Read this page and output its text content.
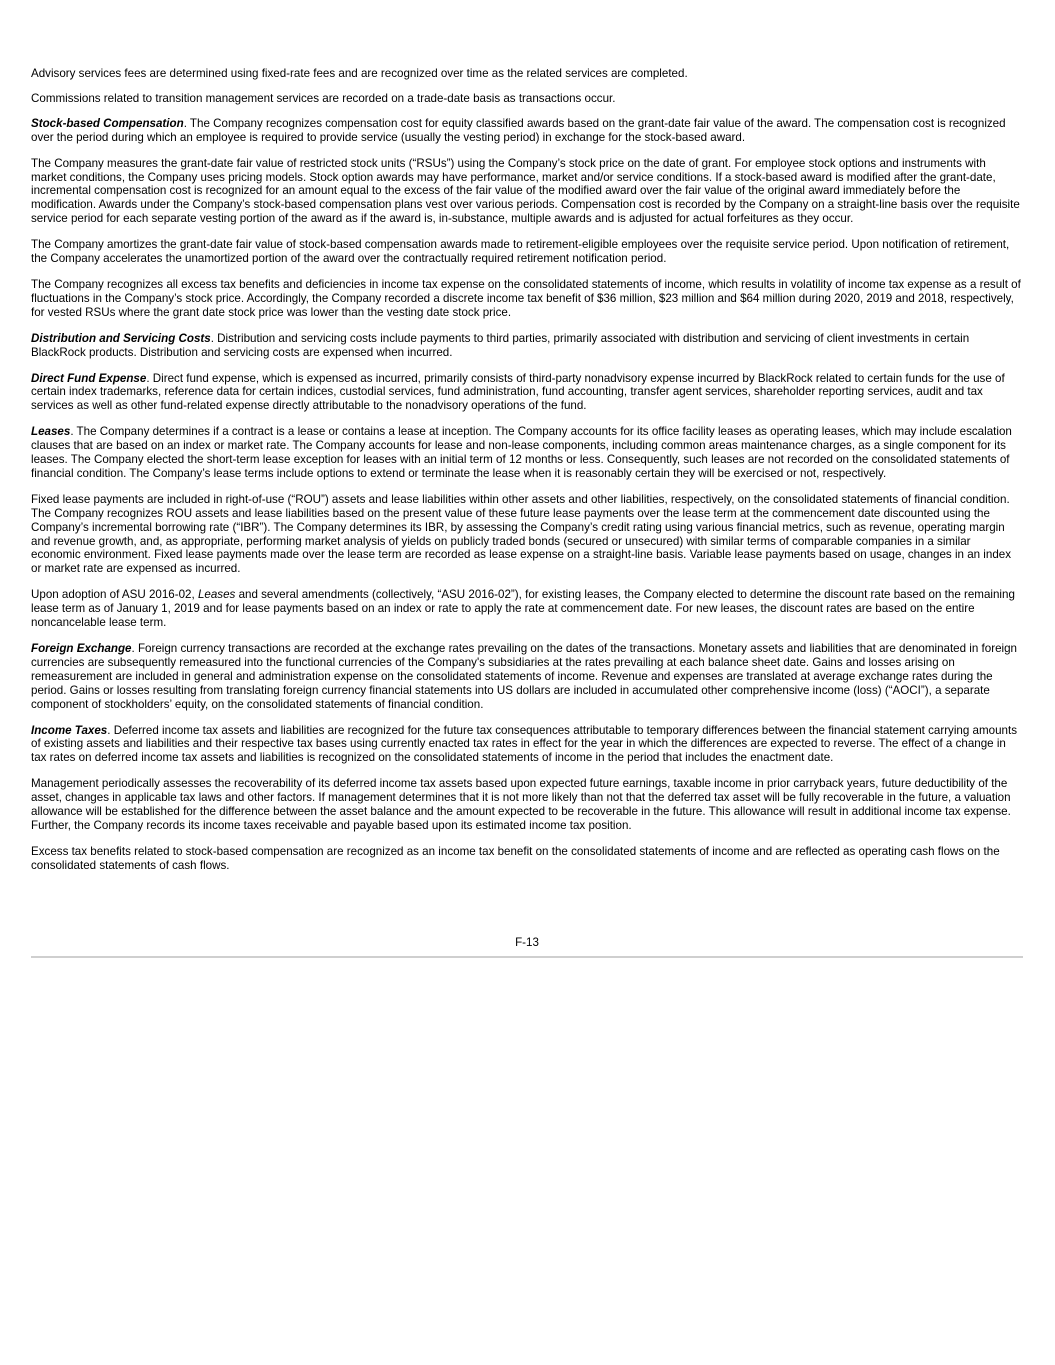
Advisory services fees are determined using fixed-rate fees and are recognized over time as the related services are completed.

Commissions related to transition management services are recorded on a trade-date basis as transactions occur.

Stock-based Compensation. The Company recognizes compensation cost for equity classified awards based on the grant-date fair value of the award. The compensation cost is recognized over the period during which an employee is required to provide service (usually the vesting period) in exchange for the stock-based award.

The Company measures the grant-date fair value of restricted stock units (“RSUs”) using the Company’s stock price on the date of grant. For employee stock options and instruments with market conditions, the Company uses pricing models. Stock option awards may have performance, market and/or service conditions. If a stock-based award is modified after the grant-date, incremental compensation cost is recognized for an amount equal to the excess of the fair value of the modified award over the fair value of the original award immediately before the modification. Awards under the Company’s stock-based compensation plans vest over various periods. Compensation cost is recorded by the Company on a straight-line basis over the requisite service period for each separate vesting portion of the award as if the award is, in-substance, multiple awards and is adjusted for actual forfeitures as they occur.

The Company amortizes the grant-date fair value of stock-based compensation awards made to retirement-eligible employees over the requisite service period. Upon notification of retirement, the Company accelerates the unamortized portion of the award over the contractually required retirement notification period.

The Company recognizes all excess tax benefits and deficiencies in income tax expense on the consolidated statements of income, which results in volatility of income tax expense as a result of fluctuations in the Company’s stock price. Accordingly, the Company recorded a discrete income tax benefit of $36 million, $23 million and $64 million during 2020, 2019 and 2018, respectively, for vested RSUs where the grant date stock price was lower than the vesting date stock price.

Distribution and Servicing Costs. Distribution and servicing costs include payments to third parties, primarily associated with distribution and servicing of client investments in certain BlackRock products. Distribution and servicing costs are expensed when incurred.

Direct Fund Expense. Direct fund expense, which is expensed as incurred, primarily consists of third-party nonadvisory expense incurred by BlackRock related to certain funds for the use of certain index trademarks, reference data for certain indices, custodial services, fund administration, fund accounting, transfer agent services, shareholder reporting services, audit and tax services as well as other fund-related expense directly attributable to the nonadvisory operations of the fund.

Leases. The Company determines if a contract is a lease or contains a lease at inception. The Company accounts for its office facility leases as operating leases, which may include escalation clauses that are based on an index or market rate. The Company accounts for lease and non-lease components, including common areas maintenance charges, as a single component for its leases. The Company elected the short-term lease exception for leases with an initial term of 12 months or less. Consequently, such leases are not recorded on the consolidated statements of financial condition. The Company’s lease terms include options to extend or terminate the lease when it is reasonably certain they will be exercised or not, respectively.

Fixed lease payments are included in right-of-use (“ROU”) assets and lease liabilities within other assets and other liabilities, respectively, on the consolidated statements of financial condition. The Company recognizes ROU assets and lease liabilities based on the present value of these future lease payments over the lease term at the commencement date discounted using the Company’s incremental borrowing rate (“IBR”). The Company determines its IBR, by assessing the Company’s credit rating using various financial metrics, such as revenue, operating margin and revenue growth, and, as appropriate, performing market analysis of yields on publicly traded bonds (secured or unsecured) with similar terms of comparable companies in a similar economic environment. Fixed lease payments made over the lease term are recorded as lease expense on a straight-line basis. Variable lease payments based on usage, changes in an index or market rate are expensed as incurred.

Upon adoption of ASU 2016-02, Leases and several amendments (collectively, “ASU 2016-02”), for existing leases, the Company elected to determine the discount rate based on the remaining lease term as of January 1, 2019 and for lease payments based on an index or rate to apply the rate at commencement date. For new leases, the discount rates are based on the entire noncancelable lease term.

Foreign Exchange. Foreign currency transactions are recorded at the exchange rates prevailing on the dates of the transactions. Monetary assets and liabilities that are denominated in foreign currencies are subsequently remeasured into the functional currencies of the Company's subsidiaries at the rates prevailing at each balance sheet date. Gains and losses arising on remeasurement are included in general and administration expense on the consolidated statements of income. Revenue and expenses are translated at average exchange rates during the period. Gains or losses resulting from translating foreign currency financial statements into US dollars are included in accumulated other comprehensive income (loss) (“AOCI”), a separate component of stockholders’ equity, on the consolidated statements of financial condition.

Income Taxes. Deferred income tax assets and liabilities are recognized for the future tax consequences attributable to temporary differences between the financial statement carrying amounts of existing assets and liabilities and their respective tax bases using currently enacted tax rates in effect for the year in which the differences are expected to reverse. The effect of a change in tax rates on deferred income tax assets and liabilities is recognized on the consolidated statements of income in the period that includes the enactment date.

Management periodically assesses the recoverability of its deferred income tax assets based upon expected future earnings, taxable income in prior carryback years, future deductibility of the asset, changes in applicable tax laws and other factors. If management determines that it is not more likely than not that the deferred tax asset will be fully recoverable in the future, a valuation allowance will be established for the difference between the asset balance and the amount expected to be recoverable in the future. This allowance will result in additional income tax expense. Further, the Company records its income taxes receivable and payable based upon its estimated income tax position.

Excess tax benefits related to stock-based compensation are recognized as an income tax benefit on the consolidated statements of income and are reflected as operating cash flows on the consolidated statements of cash flows.

F-13
